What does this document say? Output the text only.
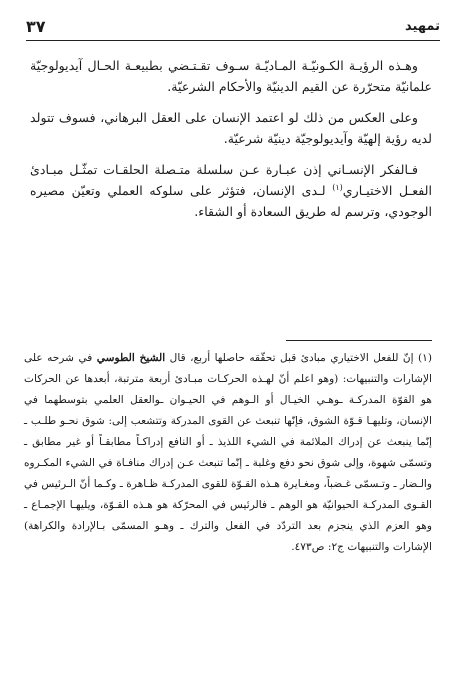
تمهيد
٣٧

وهـذه الرؤيـة الكـونيّـة المـاديّـة سـوف تقـتـضي بطبيعـة الحـال آيديولوجيّة علمانيّة متحرّرة عن القيم الدينيّة والأحكام الشرعيّة.

وعلى العكس من ذلك لو اعتمد الإنسان على العقل البرهاني، فسوف تتولد لديه رؤية إلهيّة وآيديولوجيّة دينيّة شرعيّة.

فـالفكر الإنسـاني إذن عبـارة عـن سلسلة متـصلة الحلقـات تمثّـل مبـادئ الفعـل الاختيـاري$^{(١)}$ لـدى الإنسان، فتؤثر على سلوكه العملي وتعيّن مصيره الوجودي، وترسم له طريق السعادة أو الشقاء.

(١) إنّ للفعل الاختياري مبادئ قبل تحقّقه حاصلها أربع، قال الشيخ الطوسي في شرحه على الإشارات والتنبيهات: (وهو اعلم أنّ لهـذه الحركـات مبـادئ أربعة مترتبة، أبعدها عن الحركات هو القوّة المدركـة ـوهـي الخيـال أو الـوهم في الحيـوان ـوالعقل العلمي بتوسطهما في الإنسان، وتليهـا قـوّة الشوق، فإنّها تنبعث عن القوى المدركة وتتشعب إلى: شوق نحـو طلـب ـ إنّما ينبعث عن إدراك الملائمة في الشيء اللذيذ ـ أو النافع إدراكـاً مطابقـاً أو غير مطابق ـ وتسمّى شهوة، وإلى شوق نحو دفع وغلبة ـ إنّما تنبعث عـن إدراك منافـاة في الشيء المكـروه والـضار ـ وتـسمّى غـضباً، ومغـايرة هـذه القـوّة للقوى المدركـة ظـاهرة ـ وكـما أنّ الـرئيس في القـوى المدركـة الحيوانيّة هو الوهم ـ فالرئيس في المحرّكة هو هـذه القـوّة، ويليهـا الإجمـاع ـ وهو العزم الذي ينجزم بعد التردّد في الفعل والترك ـ وهـو المسمّى بـالإرادة والكراهة) الإشارات والتنبيهات ج٢: ص٤٧٣.
